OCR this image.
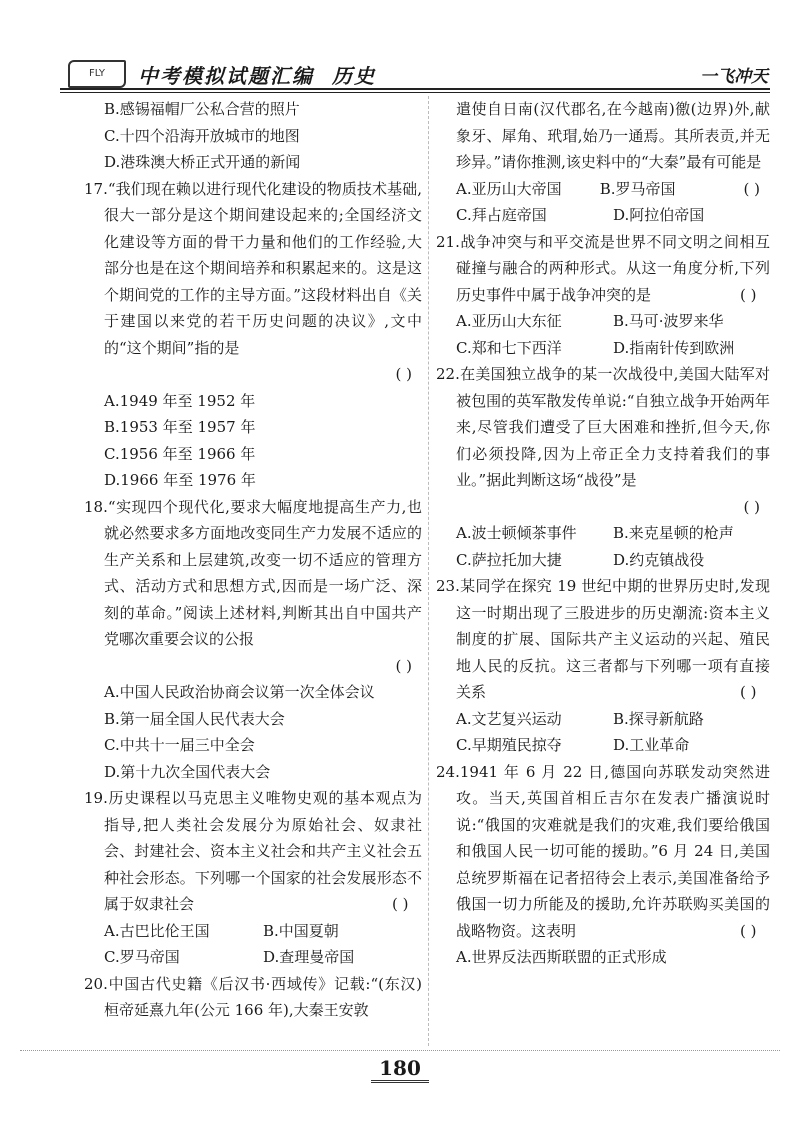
FLY	中考模拟试题汇编 历史	一飞冲天
B.感锡福帽厂公私合营的照片
C.十四个沿海开放城市的地图
D.港珠澳大桥正式开通的新闻
17.“我们现在赖以进行现代化建设的物质技术基础,很大一部分是这个期间建设起来的;全国经济文化建设等方面的骨干力量和他们的工作经验,大部分也是在这个期间培养和积累起来的。这是这个期间党的工作的主导方面。”这段材料出自《关于建国以来党的若干历史问题的决议》,文中的“这个期间”指的是
( )
A.1949 年至 1952 年
B.1953 年至 1957 年
C.1956 年至 1966 年
D.1966 年至 1976 年
18.“实现四个现代化,要求大幅度地提高生产力,也就必然要求多方面地改变同生产力发展不适应的生产关系和上层建筑,改变一切不适应的管理方式、活动方式和思想方式,因而是一场广泛、深刻的革命。”阅读上述材料,判断其出自中国共产党哪次重要会议的公报
( )
A.中国人民政治协商会议第一次全体会议
B.第一届全国人民代表大会
C.中共十一届三中全会
D.第十九次全国代表大会
19.历史课程以马克思主义唯物史观的基本观点为指导,把人类社会发展分为原始社会、奴隶社会、封建社会、资本主义社会和共产主义社会五种社会形态。下列哪一个国家的社会发展形态不属于奴隶社会	( )
A.古巴比伦王国	B.中国夏朝
C.罗马帝国	D.查理曼帝国
20.中国古代史籍《后汉书·西域传》记载:“(东汉)桓帝延熹九年(公元 166 年),大秦王安敦
遣使自日南(汉代郡名,在今越南)徼(边界)外,献象牙、犀角、玳瑁,始乃一通焉。其所表贡,并无珍异。”请你推测,该史料中的“大秦”最有可能是
( )
A.亚历山大帝国	B.罗马帝国
C.拜占庭帝国	D.阿拉伯帝国
21.战争冲突与和平交流是世界不同文明之间相互碰撞与融合的两种形式。从这一角度分析,下列历史事件中属于战争冲突的是	( )
A.亚历山大东征	B.马可·波罗来华
C.郑和七下西洋	D.指南针传到欧洲
22.在美国独立战争的某一次战役中,美国大陆军对被包围的英军散发传单说:“自独立战争开始两年来,尽管我们遭受了巨大困难和挫折,但今天,你们必须投降,因为上帝正全力支持着我们的事业。”据此判断这场“战役”是
( )
A.波士顿倾茶事件	B.来克星顿的枪声
C.萨拉托加大捷	D.约克镇战役
23.某同学在探究 19 世纪中期的世界历史时,发现这一时期出现了三股进步的历史潮流:资本主义制度的扩展、国际共产主义运动的兴起、殖民地人民的反抗。这三者都与下列哪一项有直接关系	( )
A.文艺复兴运动	B.探寻新航路
C.早期殖民掠夺	D.工业革命
24.1941 年 6 月 22 日,德国向苏联发动突然进攻。当天,英国首相丘吉尔在发表广播演说时说:“俄国的灾难就是我们的灾难,我们要给俄国和俄国人民一切可能的援助。”6 月 24 日,美国总统罗斯福在记者招待会上表示,美国准备给予俄国一切力所能及的援助,允许苏联购买美国的战略物资。这表明	( )
A.世界反法西斯联盟的正式形成
180
